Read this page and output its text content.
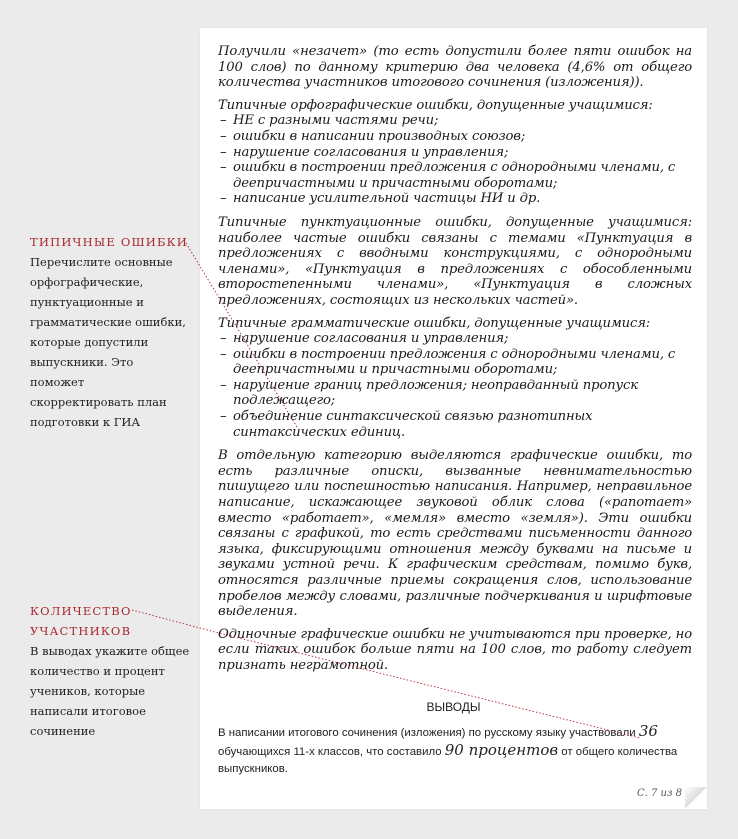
Получили «незачет» (то есть допустили более пяти ошибок на 100 слов) по данному критерию два человека (4,6% от общего количества участников итогового сочинения (изложения)).

Типичные орфографические ошибки, допущенные учащимися:

– НЕ с разными частями речи;
– ошибки в написании производных союзов;
– нарушение согласования и управления;
– ошибки в построении предложения с однородными членами, с деепричастными и причастными оборотами;
– написание усилительной частицы НИ и др.

Типичные пунктуационные ошибки, допущенные учащимися: наиболее частые ошибки связаны с темами «Пунктуация в предложениях с вводными конструкциями, с однородными членами», «Пунктуация в предложениях с обособленными второстепенными членами», «Пунктуация в сложных предложениях, состоящих из нескольких частей».

Типичные грамматические ошибки, допущенные учащимися:

– нарушение согласования и управления;
– ошибки в построении предложения с однородными членами, с деепричастными и причастными оборотами;
– нарушение границ предложения; неоправданный пропуск подлежащего;
– объединение синтаксической связью разнотипных синтаксических единиц.

В отдельную категорию выделяются графические ошибки, то есть различные описки, вызванные невнимательностью пишущего или поспешностью написания. Например, неправильное написание, искажающее звуковой облик слова («рапотает» вместо «работает», «мемля» вместо «земля»). Эти ошибки связаны с графикой, то есть средствами письменности данного языка, фиксирующими отношения между буквами на письме и звуками устной речи. К графическим средствам, помимо букв, относятся различные приемы сокращения слов, использование пробелов между словами, различные подчеркивания и шрифтовые выделения.

Одиночные графические ошибки не учитываются при проверке, но если таких ошибок больше пяти на 100 слов, то работу следует признать неграмотной.

ВЫВОДЫ
В написании итогового сочинения (изложения) по русскому языку участвовали 36 обучающихся 11-х классов, что составило 90 процентов от общего количества выпускников.
С. 7 из 8
ТИПИЧНЫЕ ОШИБКИ
Перечислите основные орфографические, пунктуационные и грамматические ошибки, которые допустили выпускники. Это поможет скорректировать план подготовки к ГИА
КОЛИЧЕСТВО УЧАСТНИКОВ
В выводах укажите общее количество и процент учеников, которые написали итоговое сочинение
